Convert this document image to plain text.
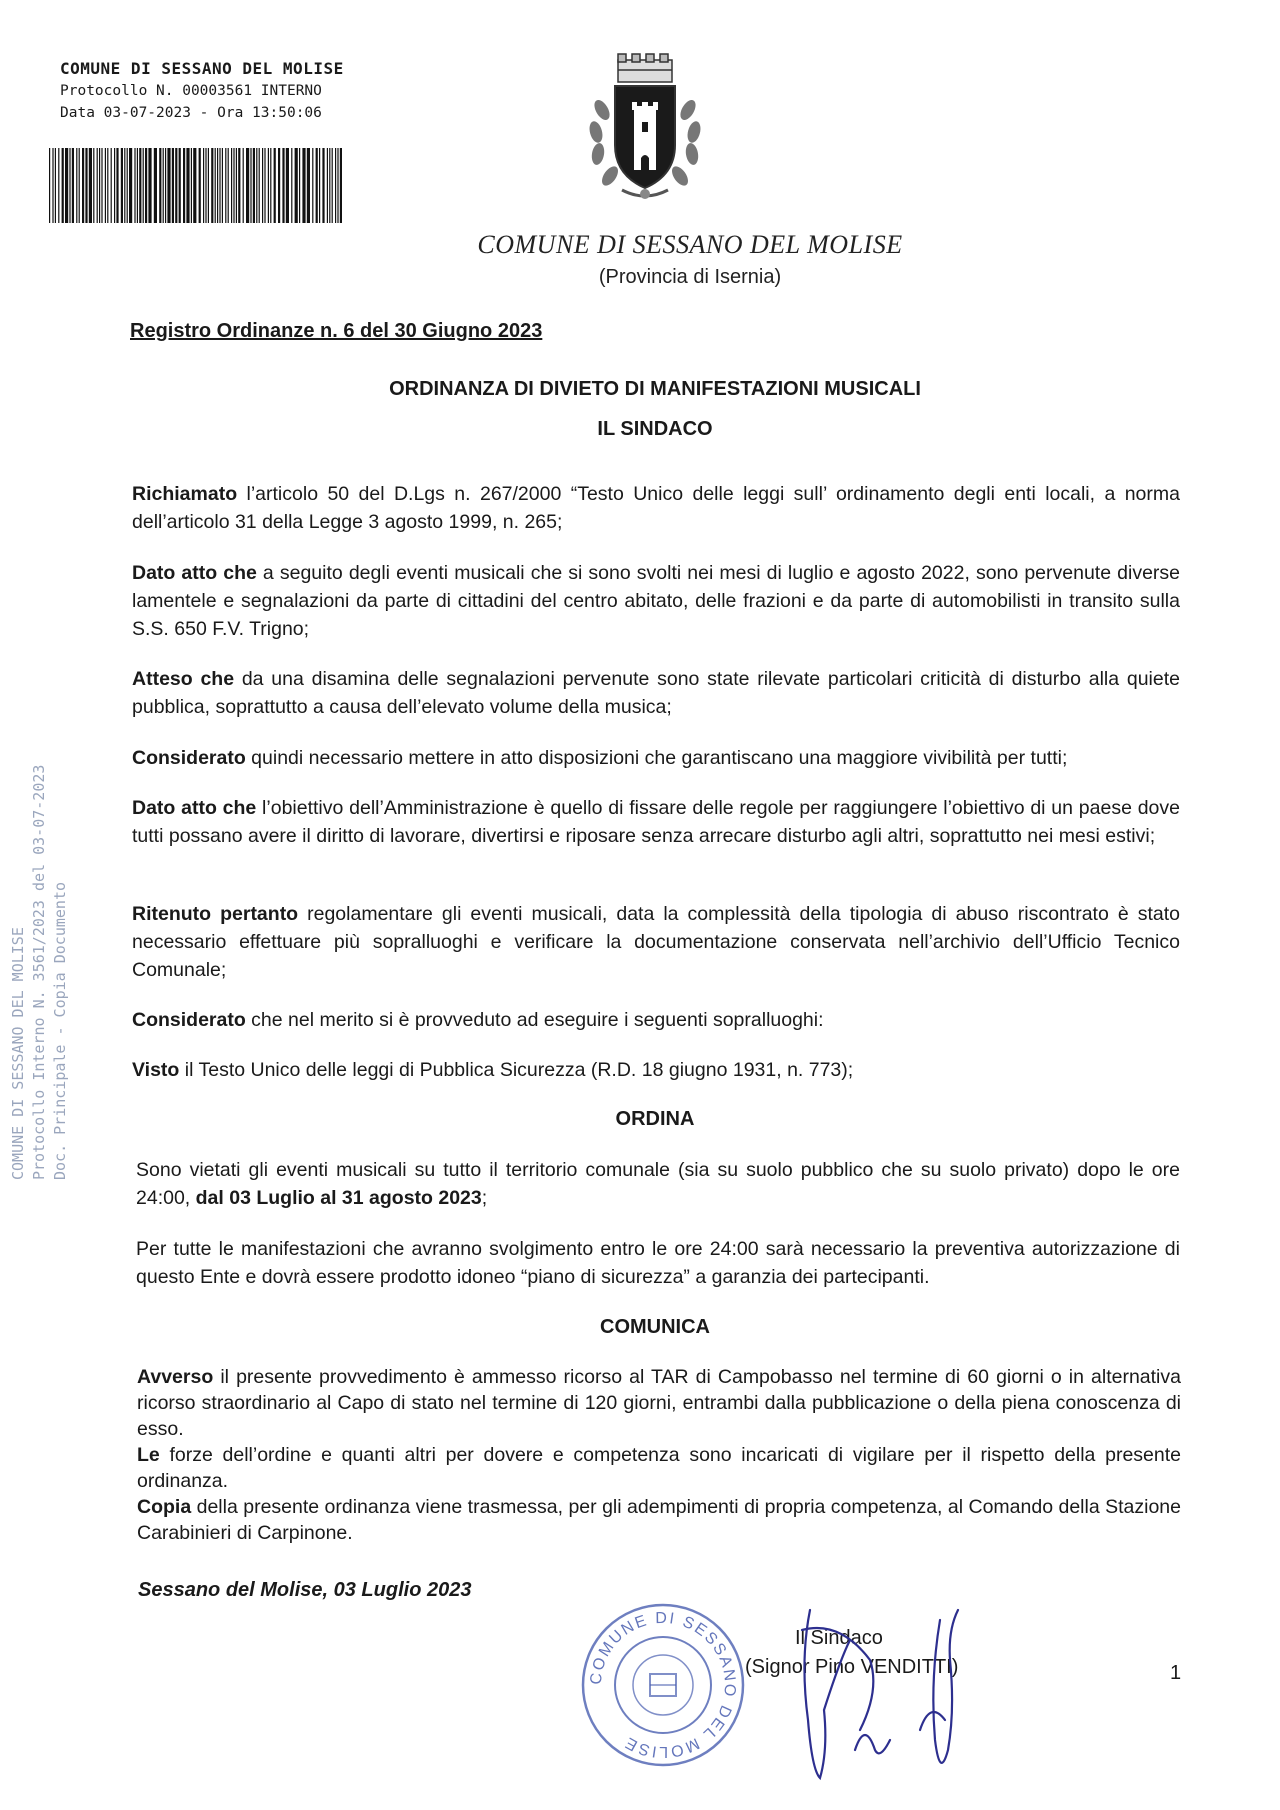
COMUNE DI SESSANO DEL MOLISE
Protocollo N. 00003561 INTERNO
Data 03-07-2023 - Ora 13:50:06
COMUNE DI SESSANO DEL MOLISE
(Provincia di Isernia)
COMUNE DI SESSANO DEL MOLISE Protocollo Interno N. 3561/2023 del 03-07-2023 Doc. Principale - Copia Documento
Registro Ordinanze n. 6 del 30 Giugno 2023
ORDINANZA DI DIVIETO DI MANIFESTAZIONI MUSICALI
IL SINDACO
Richiamato l’articolo 50 del D.Lgs n. 267/2000 “Testo Unico delle leggi sull’ ordinamento degli enti locali, a norma dell’articolo 31 della Legge 3 agosto 1999, n. 265;
Dato atto che a seguito degli eventi musicali che si sono svolti nei mesi di luglio e agosto 2022, sono pervenute diverse lamentele e segnalazioni da parte di cittadini del centro abitato, delle frazioni e da parte di automobilisti in transito sulla S.S. 650 F.V. Trigno;
Atteso che da una disamina delle segnalazioni pervenute sono state rilevate particolari criticità di disturbo alla quiete pubblica, soprattutto a causa dell’elevato volume della musica;
Considerato quindi necessario mettere in atto disposizioni che garantiscano una maggiore vivibilità per tutti;
Dato atto che l’obiettivo dell’Amministrazione è quello di fissare delle regole per raggiungere l’obiettivo di un paese dove tutti possano avere il diritto di lavorare, divertirsi e riposare senza arrecare disturbo agli altri, soprattutto nei mesi estivi;
Ritenuto pertanto regolamentare gli eventi musicali, data la complessità della tipologia di abuso riscontrato è stato necessario effettuare più sopralluoghi e verificare la documentazione conservata nell’archivio dell’Ufficio Tecnico Comunale;
Considerato che nel merito si è provveduto ad eseguire i seguenti sopralluoghi:
Visto il Testo Unico delle leggi di Pubblica Sicurezza (R.D. 18 giugno 1931, n. 773);
ORDINA
Sono vietati gli eventi musicali su tutto il territorio comunale (sia su suolo pubblico che su suolo privato) dopo le ore 24:00, dal 03 Luglio al 31 agosto 2023;
Per tutte le manifestazioni che avranno svolgimento entro le ore 24:00 sarà necessario la preventiva autorizzazione di questo Ente e dovrà essere prodotto idoneo “piano di sicurezza” a garanzia dei partecipanti.
COMUNICA
Avverso il presente provvedimento è ammesso ricorso al TAR di Campobasso nel termine di 60 giorni o in alternativa ricorso straordinario al Capo di stato nel termine di 120 giorni, entrambi dalla pubblicazione o della piena conoscenza di esso.
Le forze dell’ordine e quanti altri per dovere e competenza sono incaricati di vigilare per il rispetto della presente ordinanza.
Copia della presente ordinanza viene trasmessa, per gli adempimenti di propria competenza, al Comando della Stazione Carabinieri di Carpinone.
Sessano del Molise, 03 Luglio 2023
COMUNE DI SESSANO DEL MOLISE
Il Sindaco
(Signor Pino VENDITTI)	1
